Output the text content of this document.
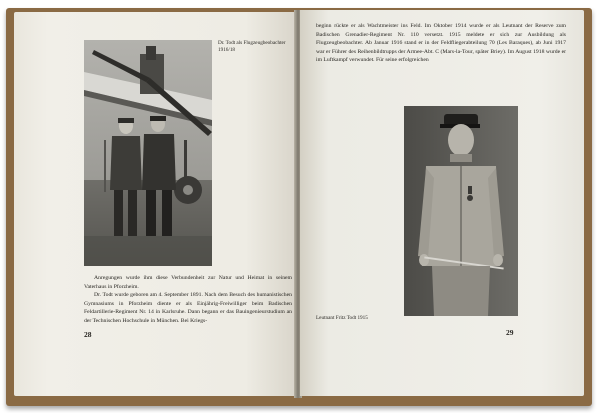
Dr. Todt als Flugzeugbeobachter 1916/18

Anregungen wurde ihm diese Verbundenheit zur Natur und Heimat in seinem Vaterhaus in Pforzheim.

Dr. Todt wurde geboren am 4. September 1891. Nach dem Besuch des humanistischen Gymnasiums in Pforzheim diente er als Einjährig-Freiwilliger beim Badischen Feldartillerie-Regiment Nr. 14 in Karlsruhe. Dann begann er das Bauingenieurstudium an der Technischen Hochschule in München. Bei Kriegs-

28
beginn rückte er als Wachtmeister ins Feld. Im Oktober 1914 wurde er als Leutnant der Reserve zum Badischen Grenadier-Regiment Nr. 110 versetzt. 1915 meldete er sich zur Ausbildung als Flugzeugbeobachter. Ab Januar 1916 stand er in der Feldfliegerabteilung 70 (Les Baraques), ab Juni 1917 war er Führer des Reihenbildtrupps der Armee-Abt. C (Mars-la-Tour, später Briey). Im August 1918 wurde er im Luftkampf verwundet. Für seine erfolgreichen
Leutnant Fritz Todt 1915
29
